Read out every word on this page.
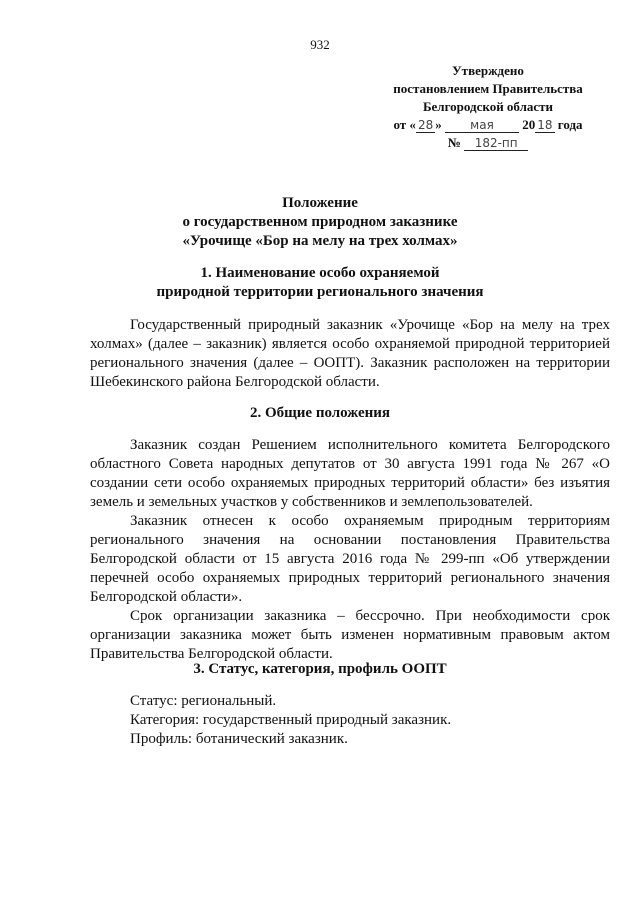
932
Утверждено
постановлением Правительства
Белгородской области
от « 28 » мая 20 18 года
№ 182-пп
Положение
о государственном природном заказнике
«Урочище «Бор на мелу на трех холмах»
1. Наименование особо охраняемой
природной территории регионального значения

Государственный природный заказник «Урочище «Бор на мелу на трех холмах» (далее – заказник) является особо охраняемой природной территорией регионального значения (далее – ООПТ). Заказник расположен на территории Шебекинского района Белгородской области.

2. Общие положения

Заказник создан Решением исполнительного комитета Белгородского областного Совета народных депутатов от 30 августа 1991 года № 267 «О создании сети особо охраняемых природных территорий области» без изъятия земель и земельных участков у собственников и землепользователей.

Заказник отнесен к особо охраняемым природным территориям регионального значения на основании постановления Правительства Белгородской области от 15 августа 2016 года № 299-пп «Об утверждении перечней особо охраняемых природных территорий регионального значения Белгородской области».

Срок организации заказника – бессрочно. При необходимости срок организации заказника может быть изменен нормативным правовым актом Правительства Белгородской области.

3. Статус, категория, профиль ООПТ
Статус: региональный.
Категория: государственный природный заказник.
Профиль: ботанический заказник.
